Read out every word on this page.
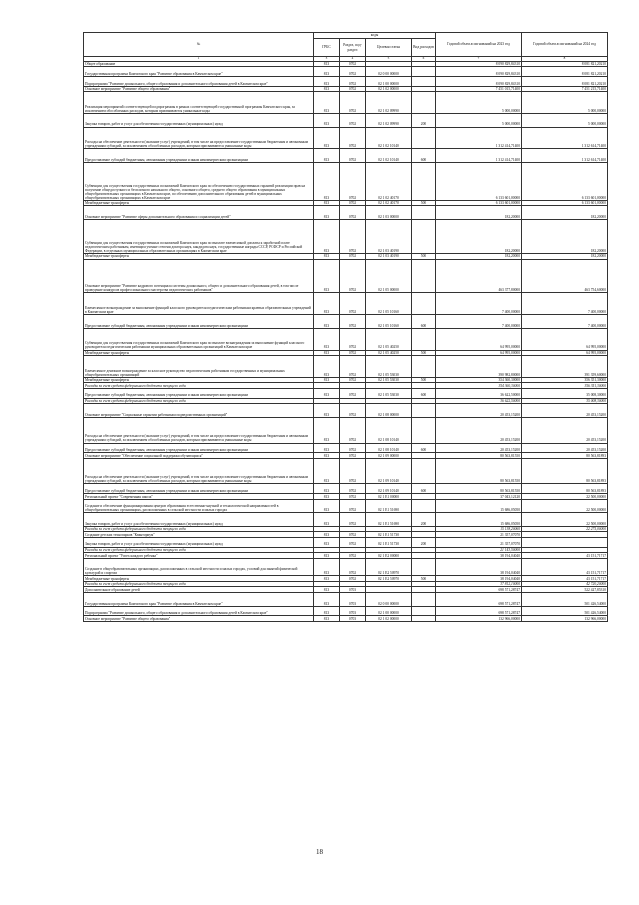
№	коды				Годовой объем ассигнований на 2023 год	Годовой объем ассигнований на 2024 год
	ГРБС	Раздел, под-раздел	Целевая статья	Вид расходов		
1	3	4	5	6	7	8
Общее образование	813	0702			8 090 829,84310	8 081 821,20210
Государственная программа Камчатского края "Развитие образования в Камчатском крае"	813	0702	02 0 00 00000		8 090 829,84310	8 081 821,20210
Подпрограмма "Развитие дошкольного, общего образования и дополнительного образования детей в Камчатском крае"	813	0702	02 1 00 00000		8 090 829,84310	8 081 821,20210
Основное мероприятие "Развитие общего образования"	813	0702	02 1 02 00000		7 451 015,71400	7 451 215,71400
Реализация мероприятий соответствующей подпрограммы в рамках соответствующей государственной программы Камчатского края, за исключением обособленных расходов, которым присваиваются уникальные коды	813	0702	02 1 02 09990		5 000,00000	5 000,00000
Закупка товаров, работ и услуг для обеспечения государственных (муниципальных) нужд	813	0702	02 1 02 09990	200	5 000,00000	5 000,00000
Расходы на обеспечение деятельности (оказание услуг) учреждений, в том числе на предоставление государственным бюджетным и автономным учреждениям субсидий, за исключением обособленных расходов, которым присваиваются уникальные коды	813	0702	02 1 02 10140		1 312 414,71400	1 312 614,71400
Предоставление субсидий бюджетным, автономным учреждениям и иным некоммерческим организациям	813	0702	02 1 02 10140	600	1 312 414,71400	1 312 614,71400
Субвенции для осуществления государственных полномочий Камчатского края по обеспечению государственных гарантий реализации прав на получение общедоступного и бесплатного начального общего, основного общего, среднего общего образования в муниципальных общеобразовательных организациях в Камчатском крае, по обеспечению дополнительного образования детей в муниципальных общеобразовательных организациях в Камчатском крае	813	0702	02 1 02 40170		6 133 601,00000	6 133 601,00000
Межбюджетные трансферты	813	0702	02 1 02 40170	500	6 133 601,00000	6 133 601,00000
Основное мероприятие "Развитие сферы дополнительного образования и социализации детей"	813	0702	02 1 03 00000		182,20000	182,20000
Субвенции для осуществления государственных полномочий Камчатского края по выплате ежемесячной доплаты к заработной плате педагогическим работникам, имеющим ученые степени доктора наук, кандидата наук, государственные награды СССР, РСФСР и Российской Федерации, в отдельных муниципальных образовательных организациях в Камчатском крае	813	0702	02 1 03 40190		182,20000	182,20000
Межбюджетные трансферты	813	0702	02 1 03 40190	500	182,20000	182,20000
Основное мероприятие "Развитие кадрового потенциала системы дошкольного, общего и дополнительного образования детей, в том числе проведение конкурсов профессионального мастерства педагогических работников"	813	0702	02 1 05 00000		463 377,80000	463 754,60000
Ежемесячное вознаграждение за выполнение функций классного руководителя педагогическим работникам краевых образовательных учреждений в Камчатском крае	813	0702	02 1 05 10160		7 400,00000	7 400,00000
Предоставление субсидий бюджетным, автономным учреждениям и иным некоммерческим организациям	813	0702	02 1 05 10160	600	7 400,00000	7 400,00000
Субвенции для осуществления государственных полномочий Камчатского края по выплате вознаграждения за выполнение функций классного руководителя педагогическим работникам муниципальных образовательных организаций в Камчатском крае	813	0702	02 1 05 40250		64 995,00000	64 995,00000
Межбюджетные трансферты	813	0702	02 1 05 40250	500	64 995,00000	64 995,00000
Ежемесячное денежное вознаграждение за классное руководство педагогическим работникам государственных и муниципальных общеобразовательных организаций	813	0702	02 1 05 53030		390 982,80000	391 359,60000
Межбюджетные трансферты	813	0702	02 1 05 53030	500	354 360,30000	356 351,30000
Расходы за счет средств федерального бюджета текущего года					354 360,30000	356 351,30000
Предоставление субсидий бюджетным, автономным учреждениям и иным некоммерческим организациям	813	0702	02 1 05 53030	600	36 622,50000	35 008,30000
Расходы за счет средств федерального бюджета текущего года					36 622,50000	35 008,30000
Основное мероприятие "Социальные гарантии работникам подведомственных организаций"	813	0702	02 1 08 00000		20 453,15200	20 453,15200
Расходы на обеспечение деятельности (оказание услуг) учреждений, в том числе на предоставление государственным бюджетным и автономным учреждениям субсидий, за исключением обособленных расходов, которым присваиваются уникальные коды	813	0702	02 1 08 10140		20 453,15200	20 453,15200
Предоставление субсидий бюджетным, автономным учреждениям и иным некоммерческим организациям	813	0702	02 1 08 10140	600	20 453,15200	20 453,15200
Основное мероприятие "Обеспечение социальной поддержки обучающихся"	813	0702	02 1 09 00000		80 563,81550	80 563,81893
Расходы на обеспечение деятельности (оказание услуг) учреждений, в том числе на предоставление государственным бюджетным и автономным учреждениям субсидий, за исключением обособленных расходов, которым присваиваются уникальные коды	813	0702	02 1 09 10140		80 563,81550	80 563,81893
Предоставление субсидий бюджетным, автономным учреждениям и иным некоммерческим организациям	813	0702	02 1 09 10140	600	80 563,81550	80 563,81893
Региональный проект "Современная школа"	813	0702	02 1 Е1 00000		37 043,12120	22 500,00000
Создание и обеспечение функционирования центров образования естественно-научной и технологической направленностей в общеобразовательных организациях, расположенных в сельской местности и малых городах	813	0702	02 1 Е1 51690		15 686,05050	22 500,00000
Закупка товаров, работ и услуг для обеспечения государственных (муниципальных) нужд	813	0702	02 1 Е1 51690	200	15 686,05050	22 500,00000
Расходы за счет средств федерального бюджета текущего года					15 138,20060	22 275,00000
Создание детских технопарков "Кванториум"	813	0702	02 1 Е1 51730		21 357,07070	
Закупка товаров, работ и услуг для обеспечения государственных (муниципальных) нужд	813	0702	02 1 Е1 51730	200	21 357,07070	
Расходы за счет средств федерального бюджета текущего года					21 143,50000	
Региональный проект "Успех каждого ребенка"	813	0702	02 1 Е2 00000		38 194,04040	43 151,71717
Создание в общеобразовательных организациях, расположенных в сельской местности и малых городах, условий для занятий физической культурой и спортом	813	0702	02 1 Е2 50970		38 194,04040	43 151,71717
Межбюджетные трансферты	813	0702	02 1 Е2 50970	500	38 194,04040	43 151,71717
Расходы за счет средств федерального бюджета текущего года					37 812,10000	42 720,20000
Дополнительное образование детей	813	0703			698 571,28747	522 427,85310
Государственная программа Камчатского края "Развитие образования в Камчатском крае"	813	0703	02 0 00 00000		698 571,28747	501 426,54000
Подпрограмма "Развитие дошкольного, общего образования и дополнительного образования детей в Камчатском крае"	813	0703	02 1 00 00000		698 571,28747	501 426,54000
Основное мероприятие "Развитие общего образования"	813	0703	02 1 02 00000		132 966,00000	132 966,00000
18
